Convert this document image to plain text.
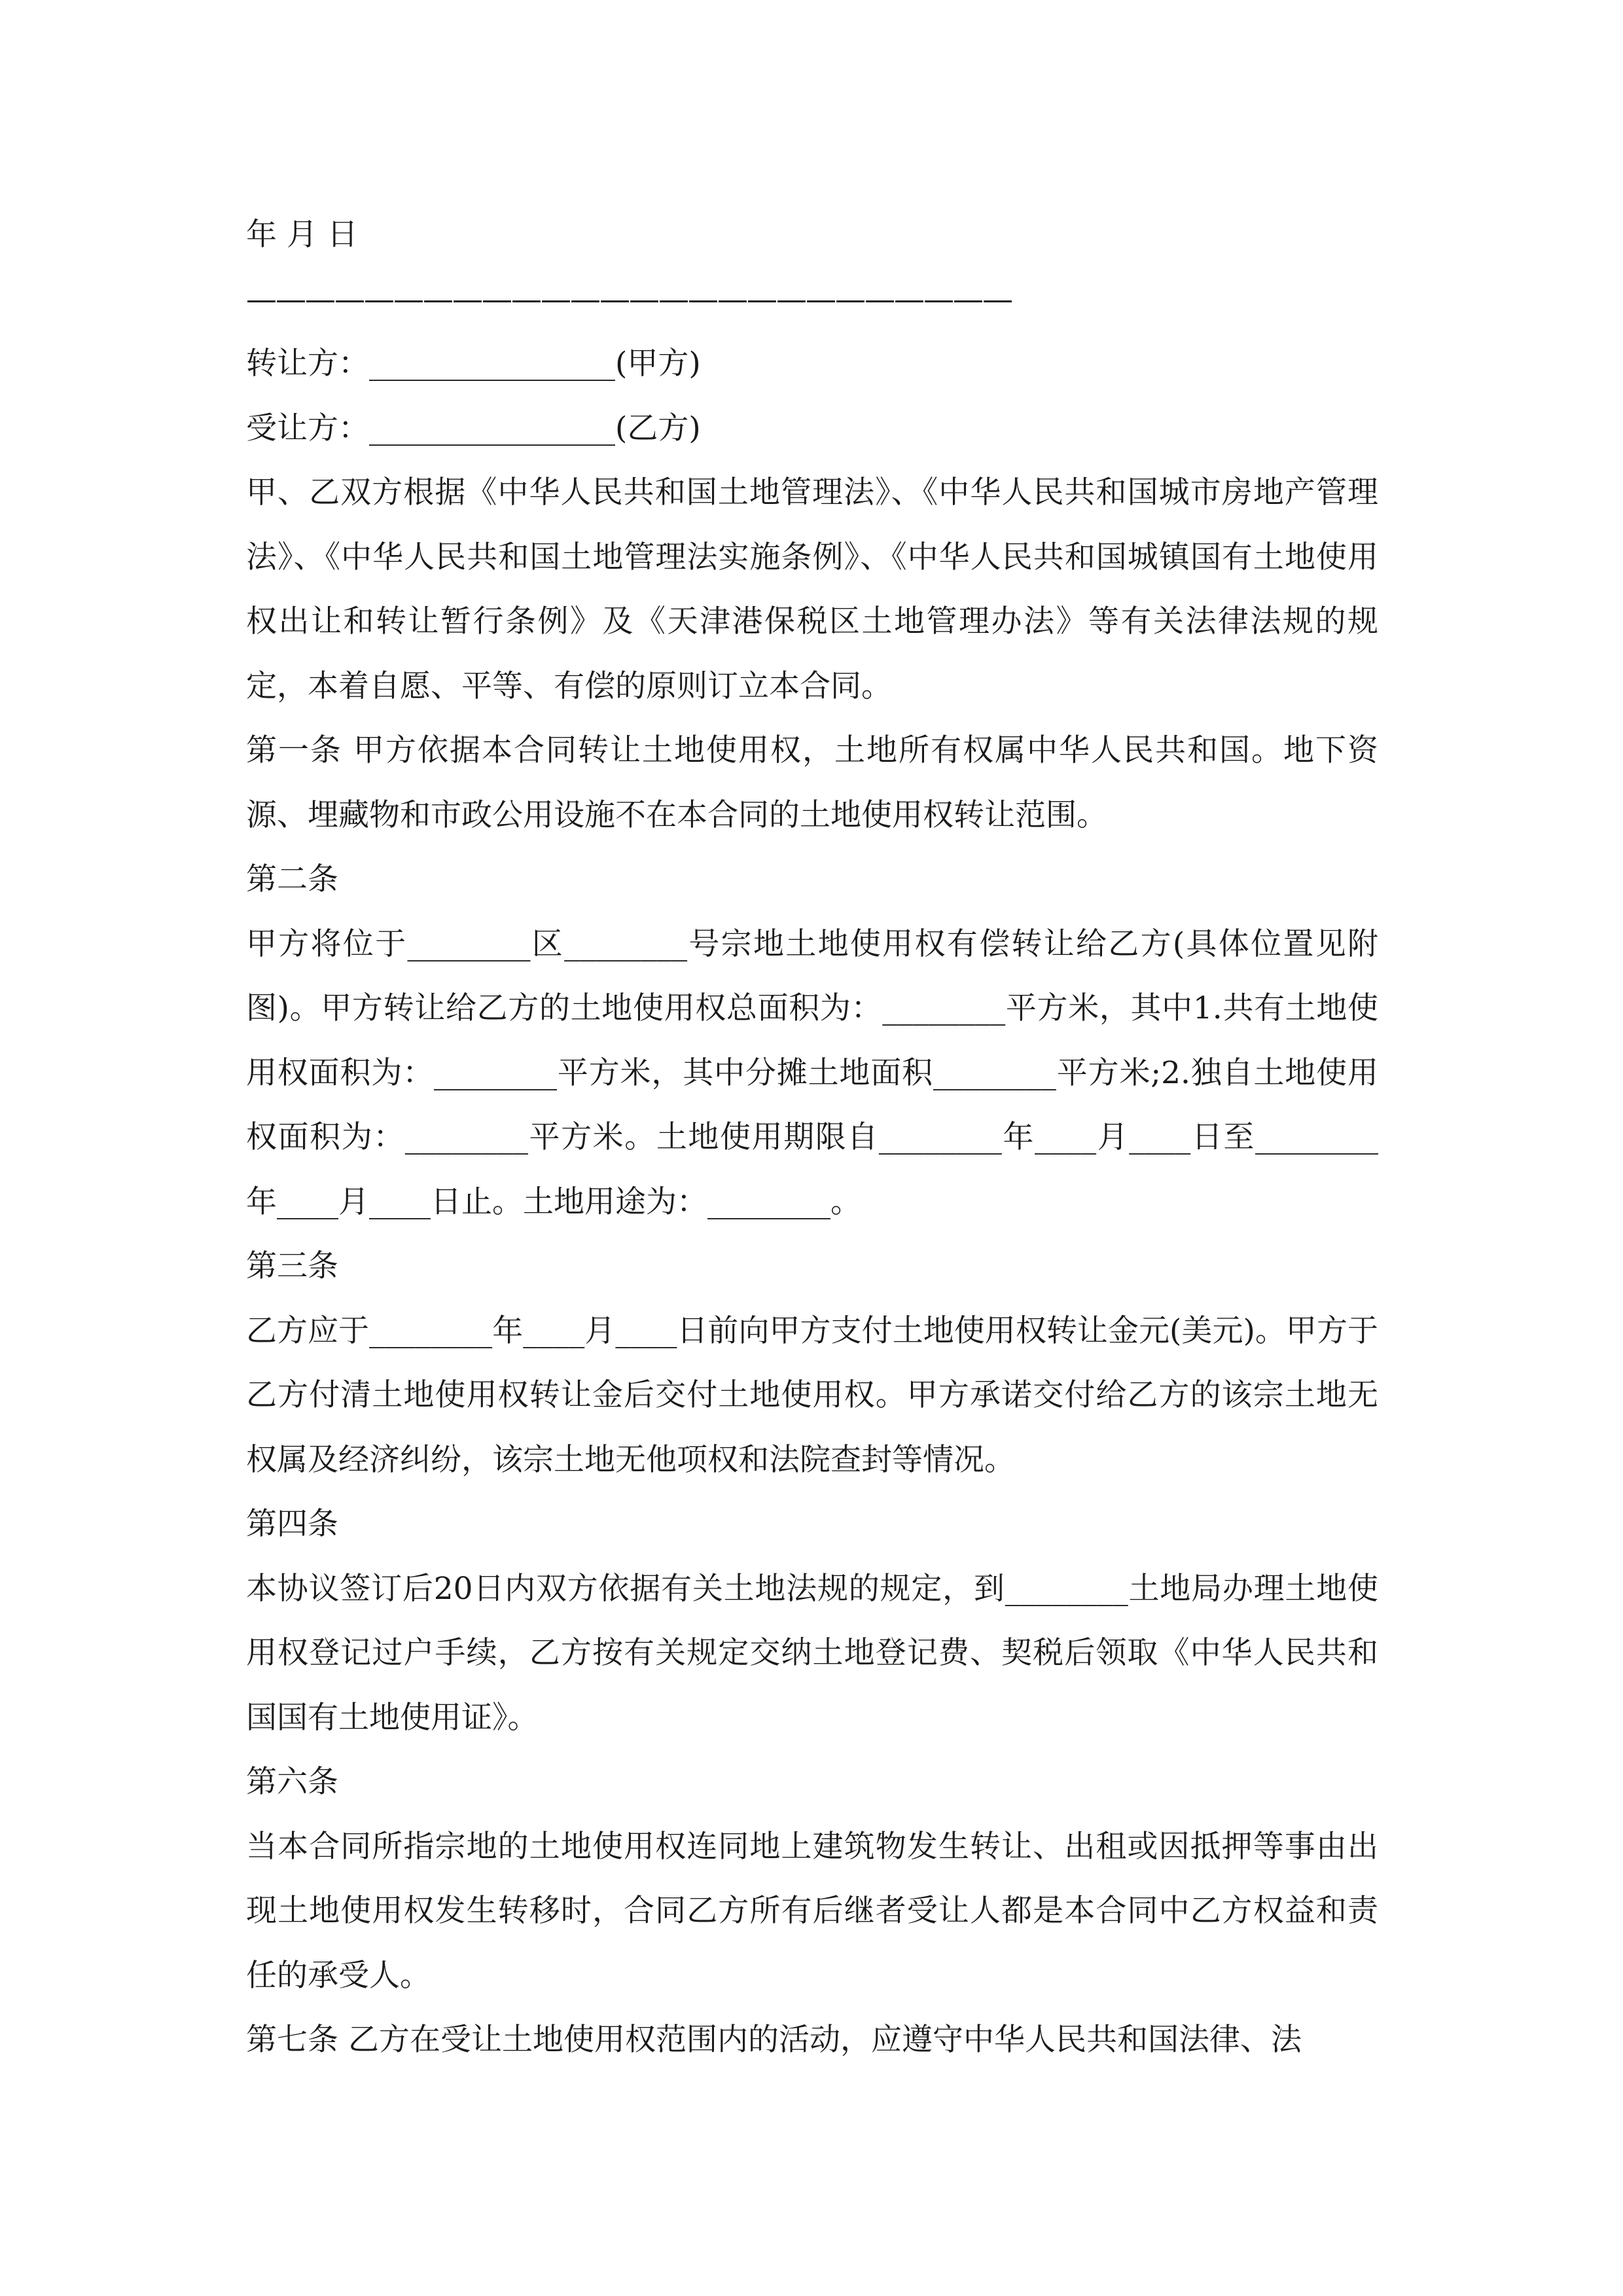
年 月 日

——————————————————————————

转让方：________________(甲方)

受让方：________________(乙方)

甲、乙双方根据《中华人民共和国土地管理法》、《中华人民共和国城市房地产管理法》、《中华人民共和国土地管理法实施条例》、《中华人民共和国城镇国有土地使用权出让和转让暂行条例》及《天津港保税区土地管理办法》等有关法律法规的规定，本着自愿、平等、有偿的原则订立本合同。

第一条 甲方依据本合同转让土地使用权，土地所有权属中华人民共和国。地下资源、埋藏物和市政公用设施不在本合同的土地使用权转让范围。

第二条

甲方将位于________区________号宗地土地使用权有偿转让给乙方(具体位置见附图)。甲方转让给乙方的土地使用权总面积为：________平方米，其中1.共有土地使用权面积为：________平方米，其中分摊土地面积________平方米;2.独自土地使用权面积为：________平方米。土地使用期限自________年____月____日至________年____月____日止。土地用途为：________。

第三条

乙方应于________年____月____日前向甲方支付土地使用权转让金元(美元)。甲方于乙方付清土地使用权转让金后交付土地使用权。甲方承诺交付给乙方的该宗土地无权属及经济纠纷，该宗土地无他项权和法院查封等情况。

第四条

本协议签订后20日内双方依据有关土地法规的规定，到________土地局办理土地使用权登记过户手续，乙方按有关规定交纳土地登记费、契税后领取《中华人民共和国国有土地使用证》。

第六条

当本合同所指宗地的土地使用权连同地上建筑物发生转让、出租或因抵押等事由出现土地使用权发生转移时，合同乙方所有后继者受让人都是本合同中乙方权益和责任的承受人。

第七条 乙方在受让土地使用权范围内的活动，应遵守中华人民共和国法律、法
